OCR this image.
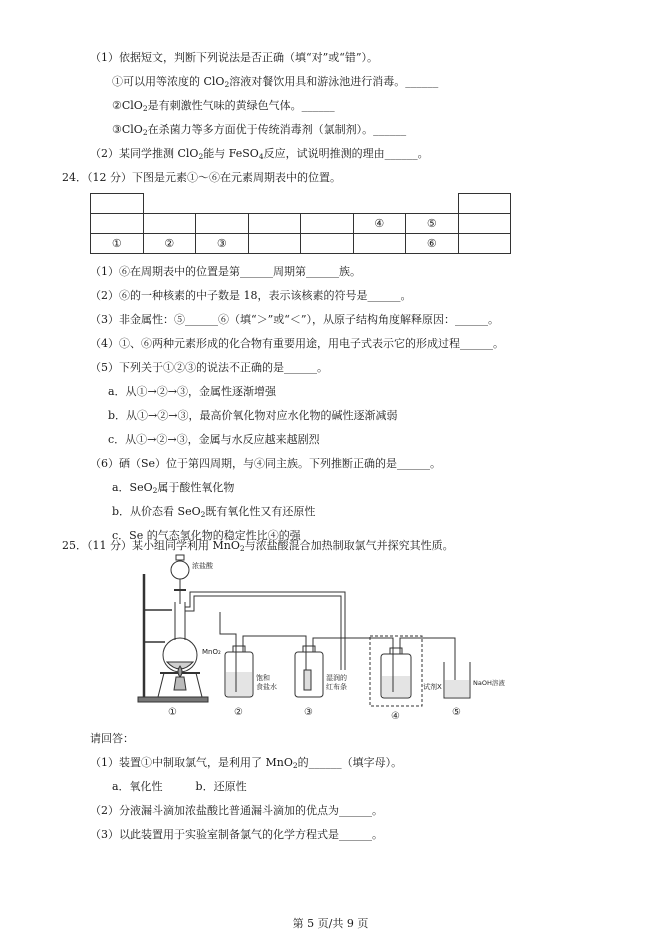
（1）依据短文，判断下列说法是否正确（填“对”或“错”）。
①可以用等浓度的 ClO$_2$溶液对餐饮用具和游泳池进行消毒。______
②ClO$_2$是有刺激性气味的黄绿色气体。______
③ClO$_2$在杀菌力等多方面优于传统消毒剂（氯制剂）。______
（2）某同学推测 ClO$_2$能与 FeSO$_4$反应，试说明推测的理由______。
24．（12 分）下图是元素①～⑥在元素周期表中的位置。

					④	⑤	
①	②	③				⑥	
（1）⑥在周期表中的位置是第______周期第______族。
（2）⑥的一种核素的中子数是 18，表示该核素的符号是______。
（3）非金属性：⑤______⑥（填“＞”或“＜”），从原子结构角度解释原因：______。
（4）①、⑥两种元素形成的化合物有重要用途，用电子式表示它的形成过程______。
（5）下列关于①②③的说法不正确的是______。
a．从①→②→③，金属性逐渐增强
b．从①→②→③，最高价氧化物对应水化物的碱性逐渐减弱
c．从①→②→③，金属与水反应越来越剧烈
（6）硒（Se）位于第四周期，与④同主族。下列推断正确的是______。
a．SeO$_2$属于酸性氧化物
b．从价态看 SeO$_2$既有氧化性又有还原性
c．Se 的气态氢化物的稳定性比④的强
25．（11 分）某小组同学利用 MnO$_2$与浓盐酸混合加热制取氯气并探究其性质。
浓盐酸
MnO₂
饱和
食盐水
②
湿润的
红布条
③
试剂X
④
NaOH溶液
⑤
①
请回答：
（1）装置①中制取氯气，是利用了 MnO$_2$的______（填字母）。
a．氧化性　　　b．还原性
（2）分液漏斗滴加浓盐酸比普通漏斗滴加的优点为______。
（3）以此装置用于实验室制备氯气的化学方程式是______。
第 5 页/共 9 页
